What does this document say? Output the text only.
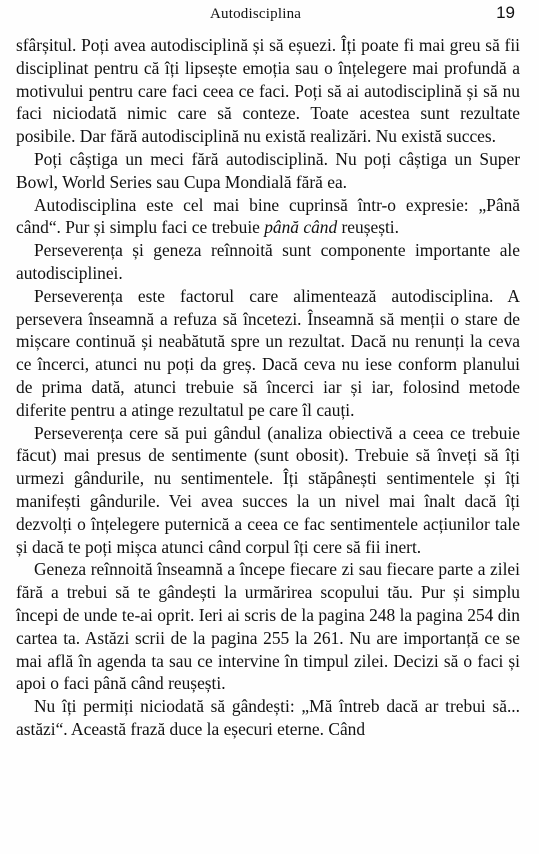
Autodisciplina	19

sfârșitul. Poți avea autodisciplină și să eșuezi. Îți poate fi mai greu să fii disciplinat pentru că îți lipsește emoția sau o înțelegere mai profundă a motivului pentru care faci ceea ce faci. Poți să ai autodisciplină și să nu faci niciodată nimic care să conteze. Toate acestea sunt rezultate posibile. Dar fără autodisciplină nu există realizări. Nu există succes.

Poți câștiga un meci fără autodisciplină. Nu poți câștiga un Super Bowl, World Series sau Cupa Mondială fără ea.

Autodisciplina este cel mai bine cuprinsă într-o expresie: „Până când“. Pur și simplu faci ce trebuie până când reușești.

Perseverența și geneza reînnoită sunt componente importante ale autodisciplinei.

Perseverența este factorul care alimentează autodisciplina. A persevera înseamnă a refuza să încetezi. Înseamnă să menții o stare de mișcare continuă și neabătută spre un rezultat. Dacă nu renunți la ceva ce încerci, atunci nu poți da greș. Dacă ceva nu iese conform planului de prima dată, atunci trebuie să încerci iar și iar, folosind metode diferite pentru a atinge rezultatul pe care îl cauți.

Perseverența cere să pui gândul (analiza obiectivă a ceea ce trebuie făcut) mai presus de sentimente (sunt obosit). Trebuie să înveți să îți urmezi gândurile, nu sentimentele. Îți stăpânești sentimentele și îți manifești gândurile. Vei avea succes la un nivel mai înalt dacă îți dezvolți o înțelegere puternică a ceea ce fac sentimentele acțiunilor tale și dacă te poți mișca atunci când corpul îți cere să fii inert.

Geneza reînnoită înseamnă a începe fiecare zi sau fiecare parte a zilei fără a trebui să te gândești la urmărirea scopului tău. Pur și simplu începi de unde te-ai oprit. Ieri ai scris de la pagina 248 la pagina 254 din cartea ta. Astăzi scrii de la pagina 255 la 261. Nu are importanță ce se mai află în agenda ta sau ce intervine în timpul zilei. Decizi să o faci și apoi o faci până când reușești.

Nu îți permiți niciodată să gândești: „Mă întreb dacă ar trebui să... astăzi“. Această frază duce la eșecuri eterne. Când
